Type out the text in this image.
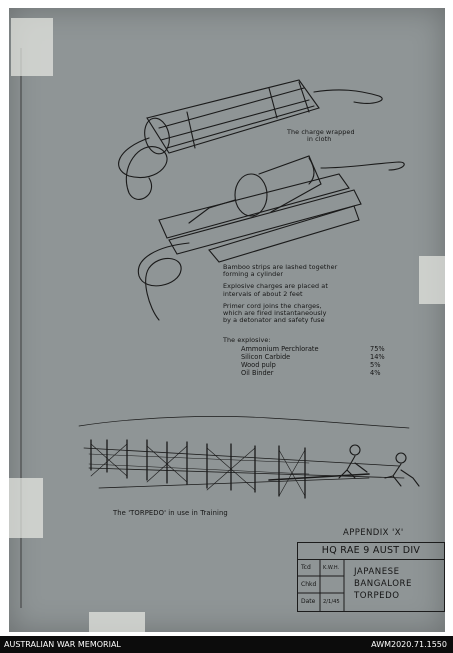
The charge wrapped
in cloth
Bamboo strips are lashed together
forming a cylinder
Explosive charges are placed at
intervals of about 2 feet
Primer cord joins the charges,
which are fired instantaneously
by a detonator and safety fuse
The explosive:
Ammonium Perchlorate	75%
Silicon Carbide	14%
Wood pulp	5%
Oil Binder	4%
The 'TORPEDO' in use in Training
APPENDIX 'X'
HQ RAE 9 AUST DIV
Tcd K.W.H.
Chkd
Date 2/1/45
JAPANESE
BANGALORE
TORPEDO
AUSTRALIAN WAR MEMORIAL	AWM2020.71.1550
